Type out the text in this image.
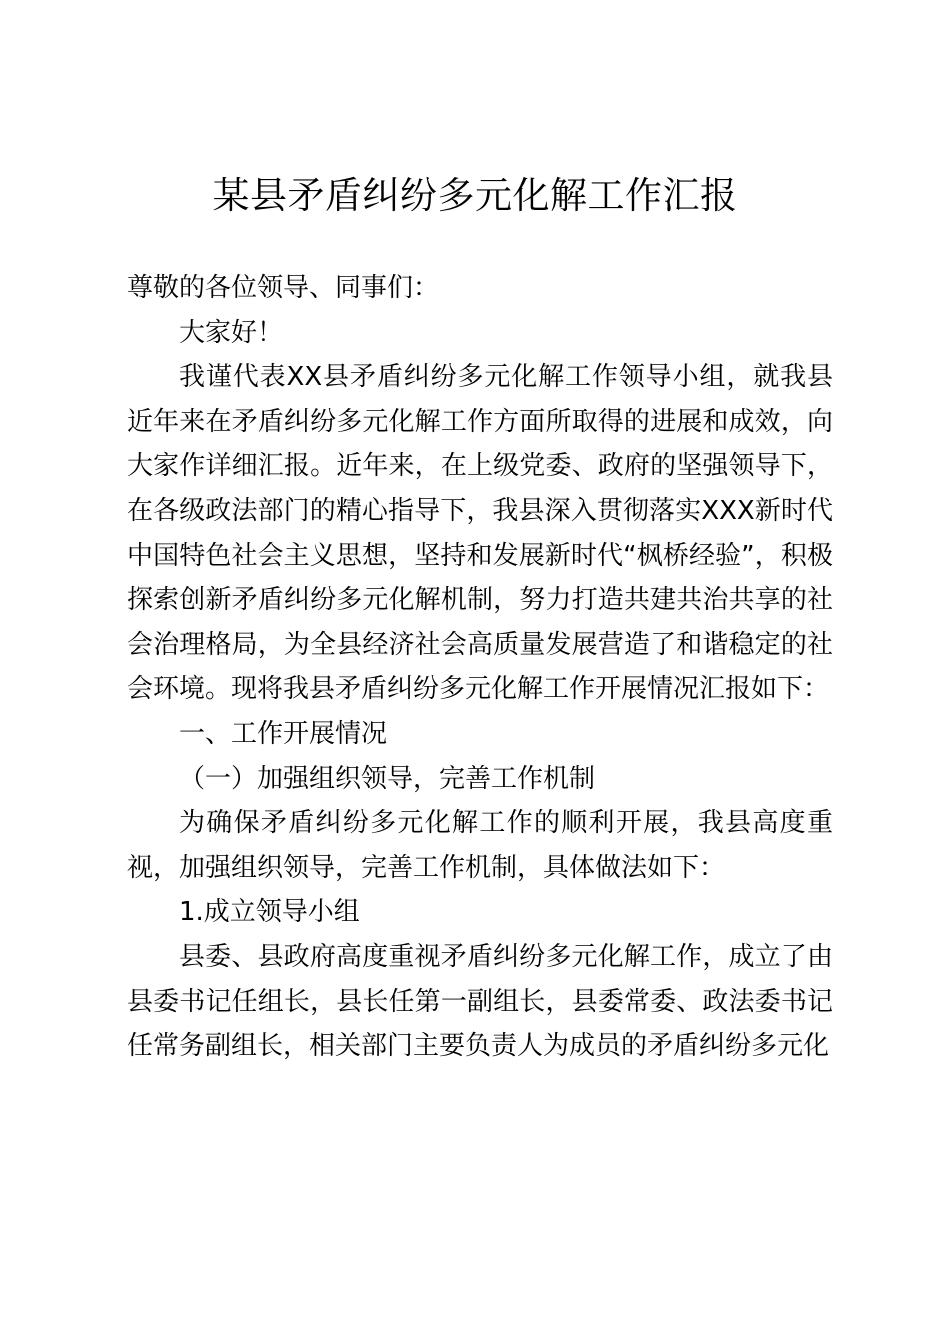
某县矛盾纠纷多元化解工作汇报

尊敬的各位领导、同事们：

大家好！

我谨代表XX县矛盾纠纷多元化解工作领导小组，就我县近年来在矛盾纠纷多元化解工作方面所取得的进展和成效，向大家作详细汇报。近年来，在上级党委、政府的坚强领导下，在各级政法部门的精心指导下，我县深入贯彻落实XXX新时代中国特色社会主义思想，坚持和发展新时代“枫桥经验”，积极探索创新矛盾纠纷多元化解机制，努力打造共建共治共享的社会治理格局，为全县经济社会高质量发展营造了和谐稳定的社会环境。现将我县矛盾纠纷多元化解工作开展情况汇报如下：

一、工作开展情况

（一）加强组织领导，完善工作机制

为确保矛盾纠纷多元化解工作的顺利开展，我县高度重视，加强组织领导，完善工作机制，具体做法如下：

1.成立领导小组

县委、县政府高度重视矛盾纠纷多元化解工作，成立了由县委书记任组长，县长任第一副组长，县委常委、政法委书记任常务副组长，相关部门主要负责人为成员的矛盾纠纷多元化
